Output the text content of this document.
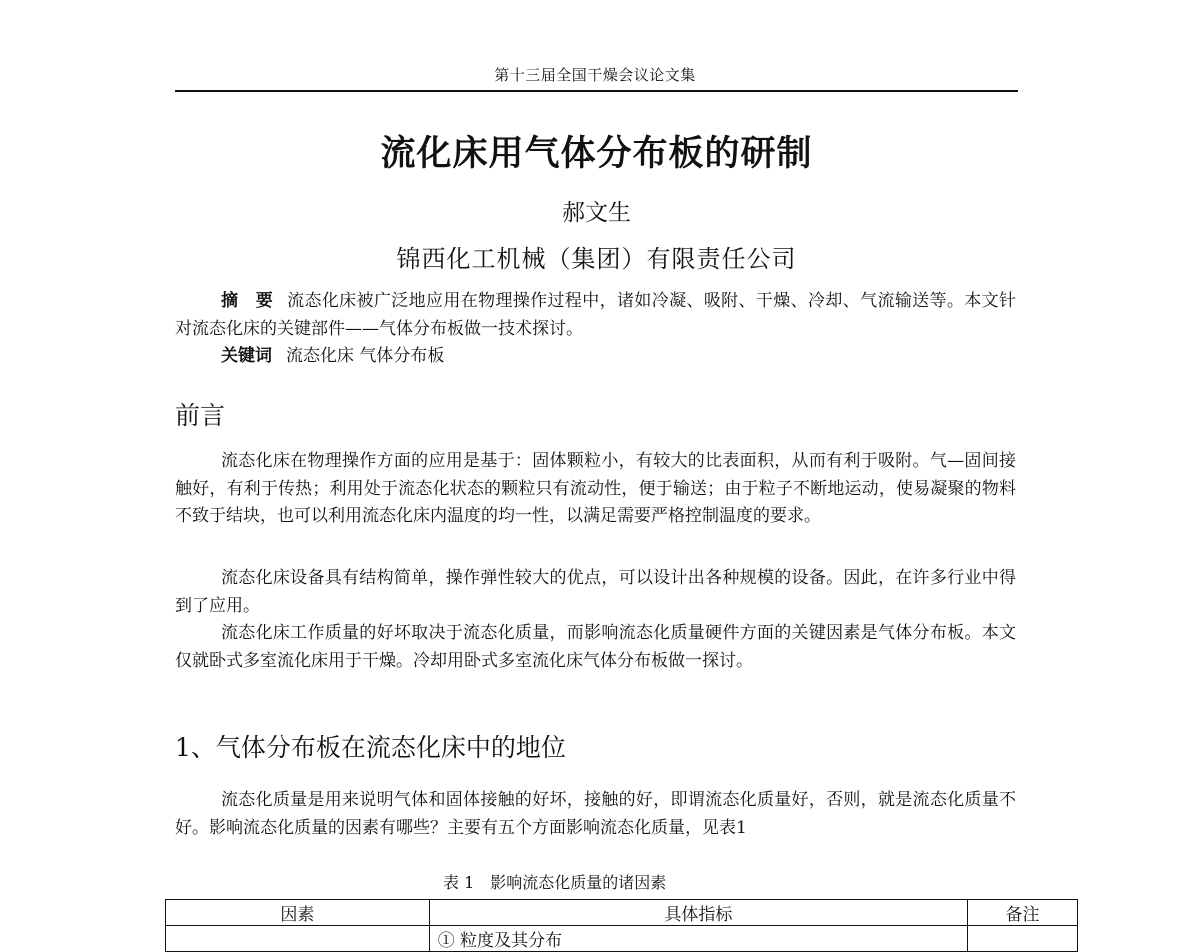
第十三届全国干燥会议论文集
流化床用气体分布板的研制
郝文生
锦西化工机械（集团）有限责任公司

摘　要 流态化床被广泛地应用在物理操作过程中，诸如冷凝、吸附、干燥、冷却、气流输送等。本文针对流态化床的关键部件——气体分布板做一技术探讨。

关键词 流态化床 气体分布板

前言

流态化床在物理操作方面的应用是基于：固体颗粒小，有较大的比表面积，从而有利于吸附。气—固间接触好，有利于传热；利用处于流态化状态的颗粒只有流动性，便于输送；由于粒子不断地运动，使易凝聚的物料不致于结块，也可以利用流态化床内温度的均一性，以满足需要严格控制温度的要求。

流态化床设备具有结构简单，操作弹性较大的优点，可以设计出各种规模的设备。因此，在许多行业中得到了应用。

流态化床工作质量的好坏取决于流态化质量，而影响流态化质量硬件方面的关键因素是气体分布板。本文仅就卧式多室流化床用于干燥。冷却用卧式多室流化床气体分布板做一探讨。

1、气体分布板在流态化床中的地位

流态化质量是用来说明气体和固体接触的好坏，接触的好，即谓流态化质量好，否则，就是流态化质量不好。影响流态化质量的因素有哪些？主要有五个方面影响流态化质量，见表1

表 1　影响流态化质量的诸因素
因素	具体指标	备注
	① 粒度及其分布	
